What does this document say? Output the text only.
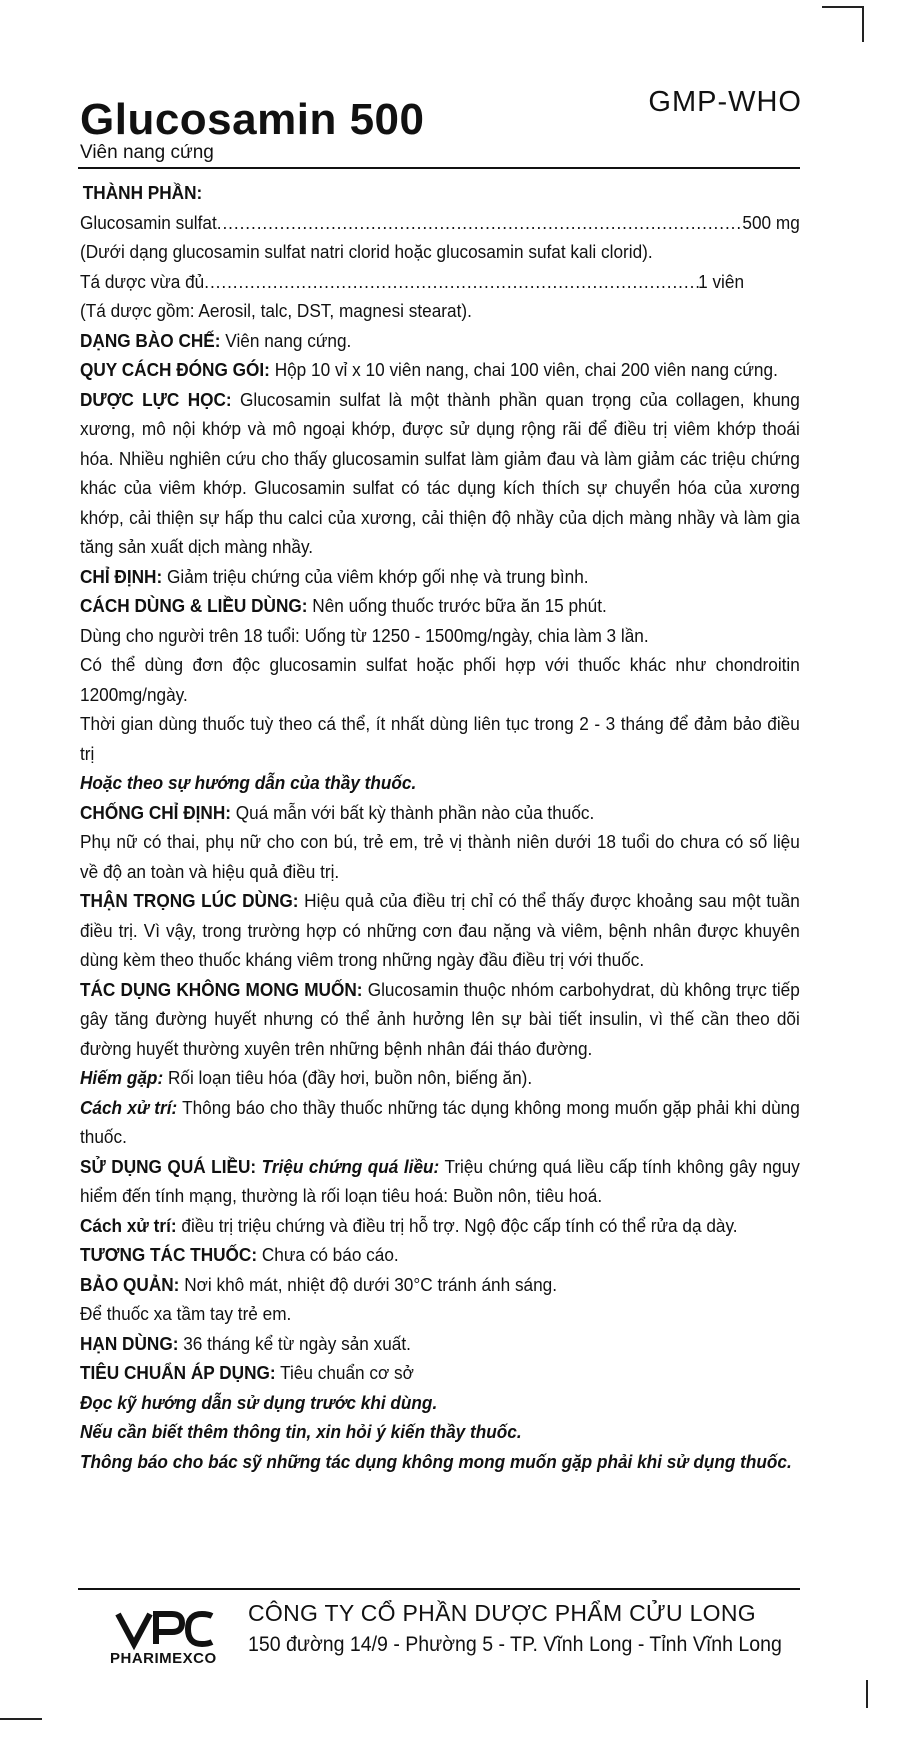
GMP-WHO
Glucosamin 500
Viên nang cứng

THÀNH PHẦN:

Glucosamin sulfat .....	500 mg

(Dưới dạng glucosamin sulfat natri clorid hoặc glucosamin sufat kali clorid).

Tá dược vừa đủ .....	1 viên

(Tá dược gồm: Aerosil, talc, DST, magnesi stearat).

DẠNG BÀO CHẾ: Viên nang cứng.

QUY CÁCH ĐÓNG GÓI: Hộp 10 vỉ x 10 viên nang, chai 100 viên, chai 200 viên nang cứng.

DƯỢC LỰC HỌC: Glucosamin sulfat là một thành phần quan trọng của collagen, khung xương, mô nội khớp và mô ngoại khớp, được sử dụng rộng rãi để điều trị viêm khớp thoái hóa. Nhiều nghiên cứu cho thấy glucosamin sulfat làm giảm đau và làm giảm các triệu chứng khác của viêm khớp. Glucosamin sulfat có tác dụng kích thích sự chuyển hóa của xương khớp, cải thiện sự hấp thu calci của xương, cải thiện độ nhầy của dịch màng nhầy và làm gia tăng sản xuất dịch màng nhầy.

CHỈ ĐỊNH: Giảm triệu chứng của viêm khớp gối nhẹ và trung bình.

CÁCH DÙNG & LIỀU DÙNG: Nên uống thuốc trước bữa ăn 15 phút.

Dùng cho người trên 18 tuổi: Uống từ 1250 - 1500mg/ngày, chia làm 3 lần.

Có thể dùng đơn độc glucosamin sulfat hoặc phối hợp với thuốc khác như chondroitin 1200mg/ngày.

Thời gian dùng thuốc tuỳ theo cá thể, ít nhất dùng liên tục trong 2 - 3 tháng để đảm bảo điều trị

Hoặc theo sự hướng dẫn của thầy thuốc.

CHỐNG CHỈ ĐỊNH: Quá mẫn với bất kỳ thành phần nào của thuốc.

Phụ nữ có thai, phụ nữ cho con bú, trẻ em, trẻ vị thành niên dưới 18 tuổi do chưa có số liệu về độ an toàn và hiệu quả điều trị.

THẬN TRỌNG LÚC DÙNG: Hiệu quả của điều trị chỉ có thể thấy được khoảng sau một tuần điều trị. Vì vậy, trong trường hợp có những cơn đau nặng và viêm, bệnh nhân được khuyên dùng kèm theo thuốc kháng viêm trong những ngày đầu điều trị với thuốc.

TÁC DỤNG KHÔNG MONG MUỐN: Glucosamin thuộc nhóm carbohydrat, dù không trực tiếp gây tăng đường huyết nhưng có thể ảnh hưởng lên sự bài tiết insulin, vì thế cần theo dõi đường huyết thường xuyên trên những bệnh nhân đái tháo đường.

Hiếm gặp: Rối loạn tiêu hóa (đầy hơi, buồn nôn, biếng ăn).

Cách xử trí: Thông báo cho thầy thuốc những tác dụng không mong muốn gặp phải khi dùng thuốc.

SỬ DỤNG QUÁ LIỀU: Triệu chứng quá liều: Triệu chứng quá liều cấp tính không gây nguy hiểm đến tính mạng, thường là rối loạn tiêu hoá: Buồn nôn, tiêu hoá.

Cách xử trí: điều trị triệu chứng và điều trị hỗ trợ. Ngộ độc cấp tính có thể rửa dạ dày.

TƯƠNG TÁC THUỐC: Chưa có báo cáo.

BẢO QUẢN: Nơi khô mát, nhiệt độ dưới 30°C tránh ánh sáng.

Để thuốc xa tầm tay trẻ em.

HẠN DÙNG: 36 tháng kể từ ngày sản xuất.

TIÊU CHUẨN ÁP DỤNG: Tiêu chuẩn cơ sở

Đọc kỹ hướng dẫn sử dụng trước khi dùng.

Nếu cần biết thêm thông tin, xin hỏi ý kiến thầy thuốc.

Thông báo cho bác sỹ những tác dụng không mong muốn gặp phải khi sử dụng thuốc.

PHARIMEXCO
CÔNG TY CỔ PHẦN DƯỢC PHẨM CỬU LONG
150 đường 14/9 - Phường 5 - TP. Vĩnh Long - Tỉnh Vĩnh Long
